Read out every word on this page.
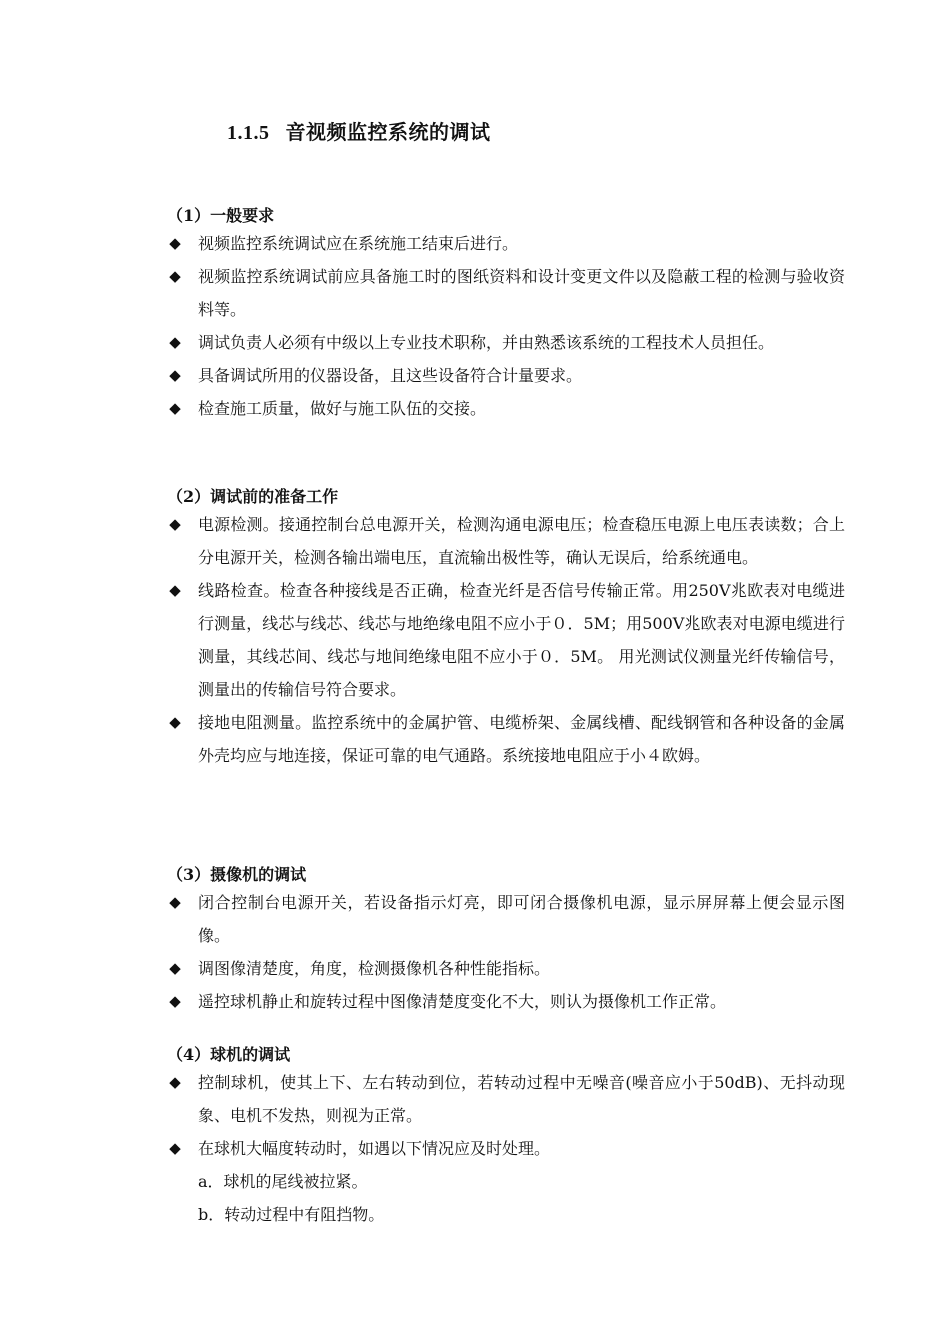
1.1.5 音视频监控系统的调试
（1）一般要求
◆ 视频监控系统调试应在系统施工结束后进行。
◆ 视频监控系统调试前应具备施工时的图纸资料和设计变更文件以及隐蔽工程的检测与验收资料等。
◆ 调试负责人必须有中级以上专业技术职称，并由熟悉该系统的工程技术人员担任。
◆ 具备调试所用的仪器设备，且这些设备符合计量要求。
◆ 检查施工质量，做好与施工队伍的交接。
（2）调试前的准备工作
◆ 电源检测。接通控制台总电源开关，检测沟通电源电压；检查稳压电源上电压表读数；合上分电源开关，检测各输出端电压，直流输出极性等，确认无误后，给系统通电。
◆ 线路检查。检查各种接线是否正确，检查光纤是否信号传输正常。用250V兆欧表对电缆进行测量，线芯与线芯、线芯与地绝缘电阻不应小于０．5M；用500V兆欧表对电源电缆进行测量，其线芯间、线芯与地间绝缘电阻不应小于０．5M。 用光测试仪测量光纤传输信号，测量出的传输信号符合要求。
◆ 接地电阻测量。监控系统中的金属护管、电缆桥架、金属线槽、配线钢管和各种设备的金属外壳均应与地连接，保证可靠的电气通路。系统接地电阻应于小４欧姆。
（3）摄像机的调试
◆ 闭合控制台电源开关，若设备指示灯亮，即可闭合摄像机电源，显示屏屏幕上便会显示图像。
◆ 调图像清楚度，角度，检测摄像机各种性能指标。
◆ 遥控球机静止和旋转过程中图像清楚度变化不大，则认为摄像机工作正常。
（4）球机的调试
◆ 控制球机，使其上下、左右转动到位，若转动过程中无噪音(噪音应小于50dB)、无抖动现象、电机不发热，则视为正常。
◆ 在球机大幅度转动时，如遇以下情况应及时处理。
a．球机的尾线被拉紧。
b．转动过程中有阻挡物。
